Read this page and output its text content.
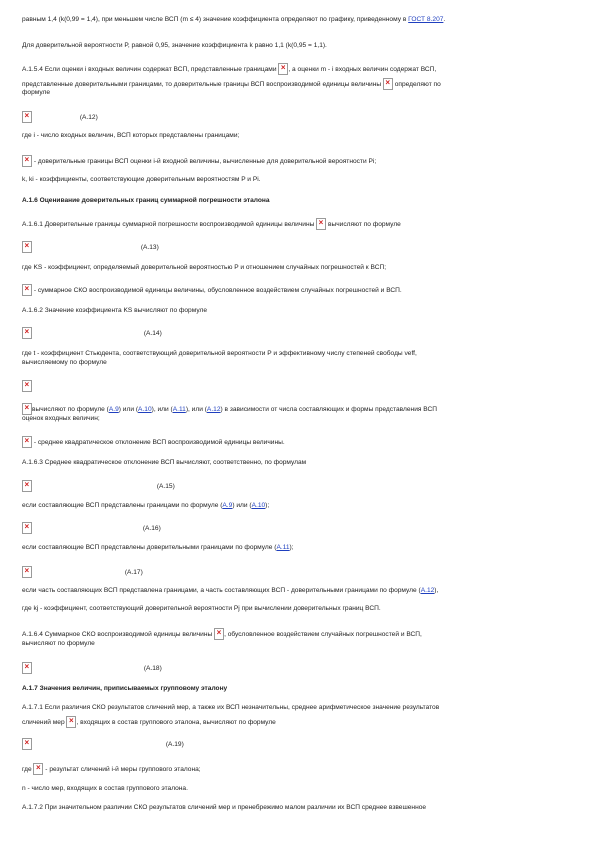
равным 1,4 (k(0,99 = 1,4), при меньшем числе ВСП (m ≤ 4) значение коэффициента определяют по графику, приведенному в ГОСТ 8.207.
Для доверительной вероятности P, равной 0,95, значение коэффициента k равно 1,1 (k(0,95 = 1,1).
А.1.5.4 Если оценки i входных величин содержат ВСП, представленные границами ×, а оценки m - i входных величин содержат ВСП,
представленные доверительными границами, то доверительные границы ВСП воспроизводимой единицы величины × определяют по
формуле
× (А.12)
где i - число входных величин, ВСП которых представлены границами;
× - доверительные границы ВСП оценки i-й входной величины, вычисленные для доверительной вероятности Pi;
k, ki - коэффициенты, соответствующие доверительным вероятностям P и Pi.
А.1.6 Оценивание доверительных границ суммарной погрешности эталона
А.1.6.1 Доверительные границы суммарной погрешности воспроизводимой единицы величины × вычисляют по формуле
× (А.13)
где KS - коэффициент, определяемый доверительной вероятностью P и отношением случайных погрешностей к ВСП;
× - суммарное СКО воспроизводимой единицы величины, обусловленное воздействием случайных погрешностей и ВСП.
А.1.6.2 Значение коэффициента KS вычисляют по формуле
× (А.14)
где t - коэффициент Стьюдента, соответствующий доверительной вероятности P и эффективному числу степеней свободы νeff,
вычисляемому по формуле
×
×вычисляют по формуле (А.9) или (А.10), или (А.11), или (А.12) в зависимости от числа составляющих и формы представления ВСП
оценок входных величин;
× - среднее квадратическое отклонение ВСП воспроизводимой единицы величины.
А.1.6.3 Среднее квадратическое отклонение ВСП вычисляют, соответственно, по формулам
× (А.15)
если составляющие ВСП представлены границами по формуле (А.9) или (А.10);
× (А.16)
если составляющие ВСП представлены доверительными границами по формуле (А.11);
× (А.17)
если часть составляющих ВСП представлена границами, а часть составляющих ВСП - доверительными границами по формуле (А.12),
где kj - коэффициент, соответствующий доверительной вероятности Pj при вычислении доверительных границ ВСП.
А.1.6.4 Суммарное СКО воспроизводимой единицы величины ×, обусловленное воздействием случайных погрешностей и ВСП,
вычисляют по формуле
× (А.18)
А.1.7 Значения величин, приписываемых групповому эталону
А.1.7.1 Если различия СКО результатов сличений мер, а также их ВСП незначительны, среднее арифметическое значение результатов
сличений мер ×, входящих в состав группового эталона, вычисляют по формуле
× (А.19)
где × - результат сличений i-й меры группового эталона;
n - число мер, входящих в состав группового эталона.
А.1.7.2 При значительном различии СКО результатов сличений мер и пренебрежимо малом различии их ВСП среднее взвешенное
